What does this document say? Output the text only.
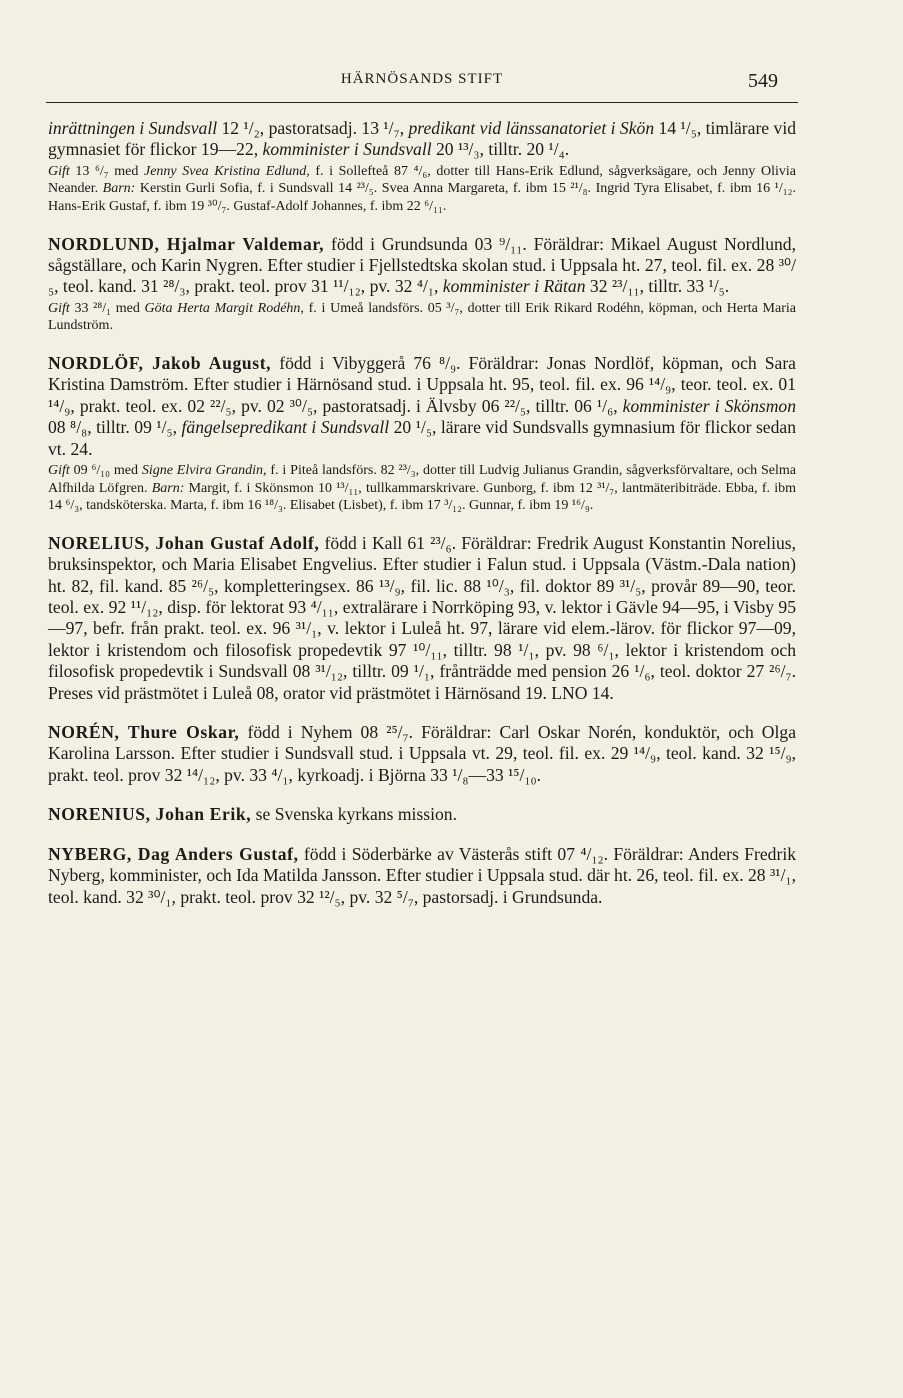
HÄRNÖSANDS STIFT	549

inrättningen i Sundsvall 12 ¹/₂, pastoratsadj. 13 ¹/₇, predikant vid länssanatoriet i Skön 14 ¹/₅, timlärare vid gymnasiet för flickor 19—22, komminister i Sundsvall 20 ¹³/₃, tilltr. 20 ¹/₄.

Gift 13 ⁶/₇ med Jenny Svea Kristina Edlund, f. i Sollefteå 87 ⁴/₆, dotter till Hans-Erik Edlund, sågverksägare, och Jenny Olivia Neander. Barn: Kerstin Gurli Sofia, f. i Sundsvall 14 ²³/₅. Svea Anna Margareta, f. ibm 15 ²¹/₈. Ingrid Tyra Elisabet, f. ibm 16 ¹/₁₂. Hans-Erik Gustaf, f. ibm 19 ³⁰/₇. Gustaf-Adolf Johannes, f. ibm 22 ⁶/₁₁.

NORDLUND, Hjalmar Valdemar, född i Grundsunda 03 ⁹/₁₁. Föräldrar: Mikael August Nordlund, sågställare, och Karin Nygren. Efter studier i Fjellstedtska skolan stud. i Uppsala ht. 27, teol. fil. ex. 28 ³⁰/₅, teol. kand. 31 ²⁸/₃, prakt. teol. prov 31 ¹¹/₁₂, pv. 32 ⁴/₁, komminister i Rätan 32 ²³/₁₁, tilltr. 33 ¹/₅.

Gift 33 ²⁸/₁ med Göta Herta Margit Rodéhn, f. i Umeå landsförs. 05 ³/₇, dotter till Erik Rikard Rodéhn, köpman, och Herta Maria Lundström.

NORDLÖF, Jakob August, född i Vibyggerå 76 ⁸/₉. Föräldrar: Jonas Nordlöf, köpman, och Sara Kristina Damström. Efter studier i Härnösand stud. i Uppsala ht. 95, teol. fil. ex. 96 ¹⁴/₉, teor. teol. ex. 01 ¹⁴/₉, prakt. teol. ex. 02 ²²/₅, pv. 02 ³⁰/₅, pastoratsadj. i Älvsby 06 ²²/₅, tilltr. 06 ¹/₆, komminister i Skönsmon 08 ⁸/₈, tilltr. 09 ¹/₅, fängelsepredikant i Sundsvall 20 ¹/₅, lärare vid Sundsvalls gymnasium för flickor sedan vt. 24.

Gift 09 ⁶/₁₀ med Signe Elvira Grandin, f. i Piteå landsförs. 82 ²³/₃, dotter till Ludvig Julianus Grandin, sågverksförvaltare, och Selma Alfhilda Löfgren. Barn: Margit, f. i Skönsmon 10 ¹³/₁₁, tullkammarskrivare. Gunborg, f. ibm 12 ³¹/₇, lantmäteribiträde. Ebba, f. ibm 14 ⁶/₃, tandsköterska. Marta, f. ibm 16 ¹⁸/₃. Elisabet (Lisbet), f. ibm 17 ³/₁₂. Gunnar, f. ibm 19 ¹⁶/₉.

NORELIUS, Johan Gustaf Adolf, född i Kall 61 ²³/₆. Föräldrar: Fredrik August Konstantin Norelius, bruksinspektor, och Maria Elisabet Engvelius. Efter studier i Falun stud. i Uppsala (Västm.-Dala nation) ht. 82, fil. kand. 85 ²⁶/₅, kompletteringsex. 86 ¹³/₉, fil. lic. 88 ¹⁰/₃, fil. doktor 89 ³¹/₅, provår 89—90, teor. teol. ex. 92 ¹¹/₁₂, disp. för lektorat 93 ⁴/₁₁, extralärare i Norrköping 93, v. lektor i Gävle 94—95, i Visby 95—97, befr. från prakt. teol. ex. 96 ³¹/₁, v. lektor i Luleå ht. 97, lärare vid elem.-lärov. för flickor 97—09, lektor i kristendom och filosofisk propedevtik 97 ¹⁰/₁₁, tilltr. 98 ¹/₁, pv. 98 ⁶/₁, lektor i kristendom och filosofisk propedevtik i Sundsvall 08 ³¹/₁₂, tilltr. 09 ¹/₁, frånträdde med pension 26 ¹/₆, teol. doktor 27 ²⁶/₇. Preses vid prästmötet i Luleå 08, orator vid prästmötet i Härnösand 19. LNO 14.

NORÉN, Thure Oskar, född i Nyhem 08 ²⁵/₇. Föräldrar: Carl Oskar Norén, konduktör, och Olga Karolina Larsson. Efter studier i Sundsvall stud. i Uppsala vt. 29, teol. fil. ex. 29 ¹⁴/₉, teol. kand. 32 ¹⁵/₉, prakt. teol. prov 32 ¹⁴/₁₂, pv. 33 ⁴/₁, kyrkoadj. i Björna 33 ¹/₈—33 ¹⁵/₁₀.

NORENIUS, Johan Erik, se Svenska kyrkans mission.

NYBERG, Dag Anders Gustaf, född i Söderbärke av Västerås stift 07 ⁴/₁₂. Föräldrar: Anders Fredrik Nyberg, komminister, och Ida Matilda Jansson. Efter studier i Uppsala stud. där ht. 26, teol. fil. ex. 28 ³¹/₁, teol. kand. 32 ³⁰/₁, prakt. teol. prov 32 ¹²/₅, pv. 32 ⁵/₇, pastorsadj. i Grundsunda.
